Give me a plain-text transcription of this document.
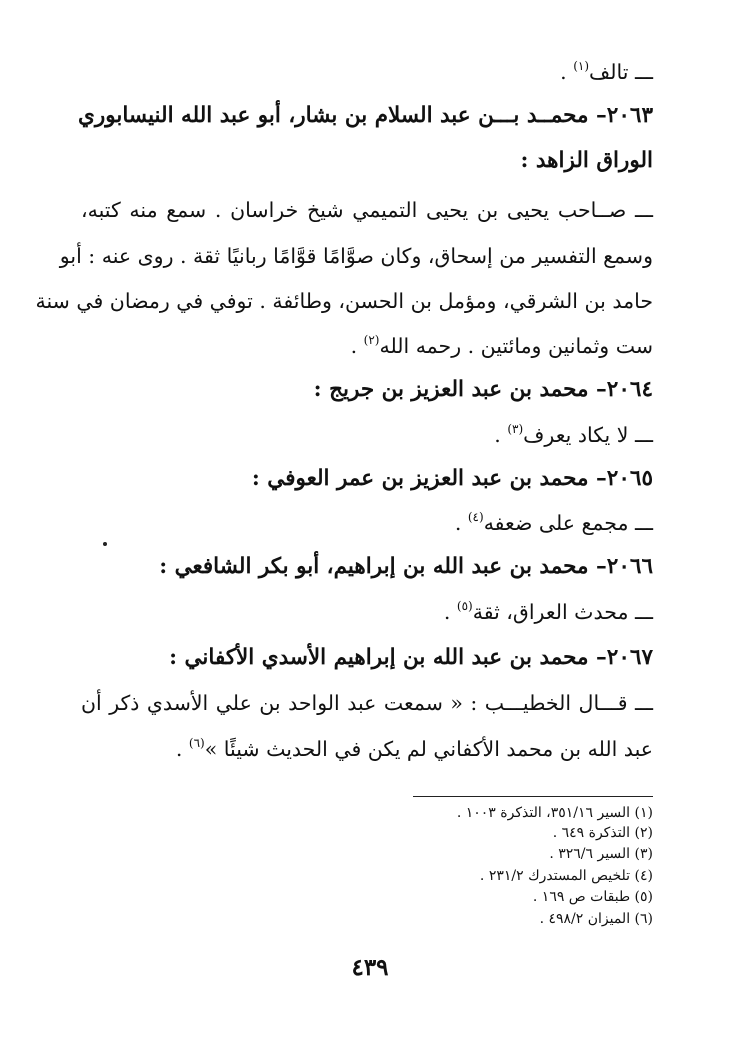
ـــ تالف$^{(١)}$ .
٢٠٦٣– محمــد بـــن عبد السلام بن بشار، أبو عبد الله النيسابوري
الوراق الزاهد :
ـــ صــاحب يحيى بن يحيى التميمي شيخ خراسان . سمع منه كتبه،
وسمع التفسير من إسحاق، وكان صوَّامًا قوَّامًا ربانيًا ثقة . روى عنه : أبو
حامد بن الشرقي، ومؤمل بن الحسن، وطائفة . توفي في رمضان في سنة
ست وثمانين ومائتين . رحمه الله$^{(٢)}$ .
٢٠٦٤– محمد بن عبد العزيز بن جريج :
ـــ لا يكاد يعرف$^{(٣)}$ .
٢٠٦٥– محمد بن عبد العزيز بن عمر العوفي :
ـــ مجمع على ضعفه$^{(٤)}$ .
٢٠٦٦– محمد بن عبد الله بن إبراهيم، أبو بكر الشافعي :
ـــ محدث العراق، ثقة$^{(٥)}$ .
٢٠٦٧– محمد بن عبد الله بن إبراهيم الأسدي الأكفاني :
ـــ قـــال الخطيـــب : « سمعت عبد الواحد بن علي الأسدي ذكر أن
عبد الله بن محمد الأكفاني لم يكن في الحديث شيئًا »$^{(٦)}$ .
(١) السير ٣٥١/١٦، التذكرة ١٠٠٣ .
(٢) التذكرة ٦٤٩ .
(٣) السير ٣٢٦/٦ .
(٤) تلخيص المستدرك ٢٣١/٢ .
(٥) طبقات ص ١٦٩ .
(٦) الميزان ٤٩٨/٢ .
٤٣٩
